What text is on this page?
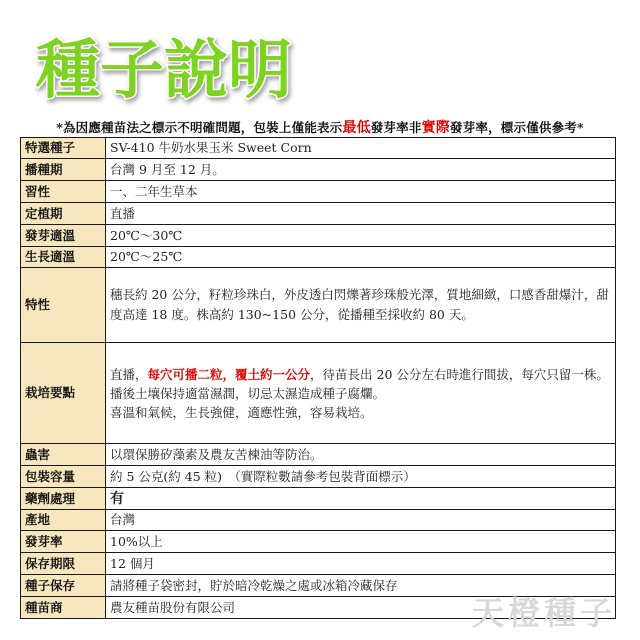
種子說明
*為因應種苗法之標示不明確問題，包裝上僅能表示最低發芽率非實際發芽率，標示僅供參考*
特選種子	SV-410 牛奶水果玉米 Sweet Corn
播種期	台灣 9 月至 12 月。
習性	一、二年生草本
定植期	直播
發芽適溫	20℃～30℃
生長適溫	20℃～25℃
特性	穗長約 20 公分，籽粒珍珠白，外皮透白閃爍著珍珠般光澤，質地細緻，口感香甜爆汁，甜度高達 18 度。株高約 130~150 公分，從播種至採收約 80 天。
栽培要點	直播，每穴可播二粒，覆土約一公分，待苗長出 20 公分左右時進行間拔，每穴只留一株。播後土壤保持適當濕潤，切忌太濕造成種子腐爛。

喜溫和氣候，生長強健，適應性強，容易栽培。

蟲害	以環保勝矽藻素及農友苦楝油等防治。
包裝容量	約 5 公克(約 45 粒)　（實際粒數請參考包裝背面標示）
藥劑處理	有
產地	台灣
發芽率	10%以上
保存期限	12 個月
種子保存	請將種子袋密封，貯於暗冷乾燥之處或冰箱冷藏保存
種苗商	農友種苗股份有限公司	天橙種子
